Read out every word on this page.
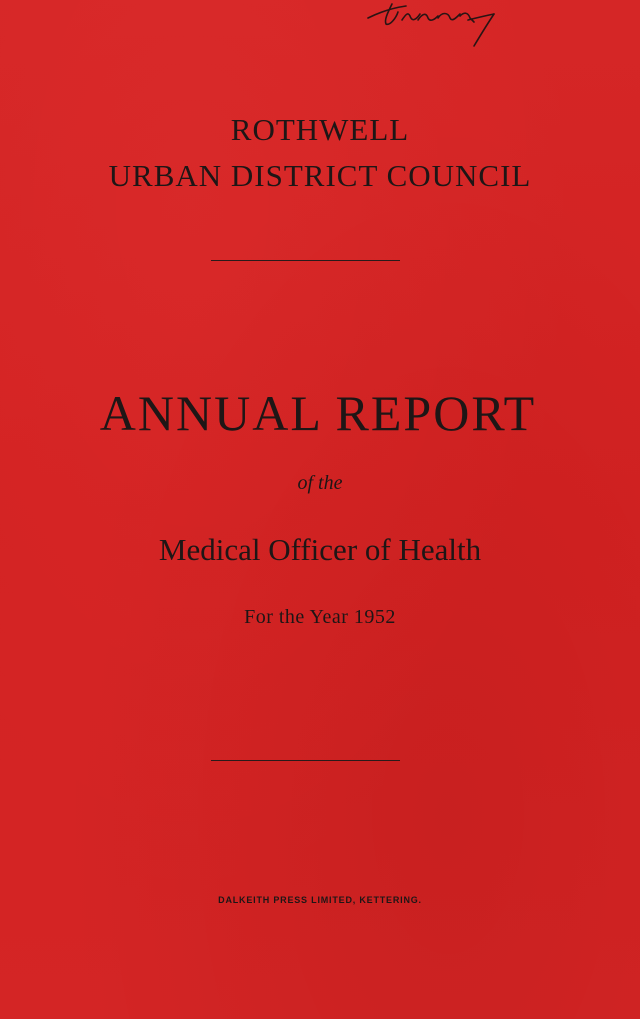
ROTHWELL
URBAN DISTRICT COUNCIL
ANNUAL REPORT
of the
Medical Officer of Health
For the Year 1952
DALKEITH PRESS LIMITED, KETTERING.
